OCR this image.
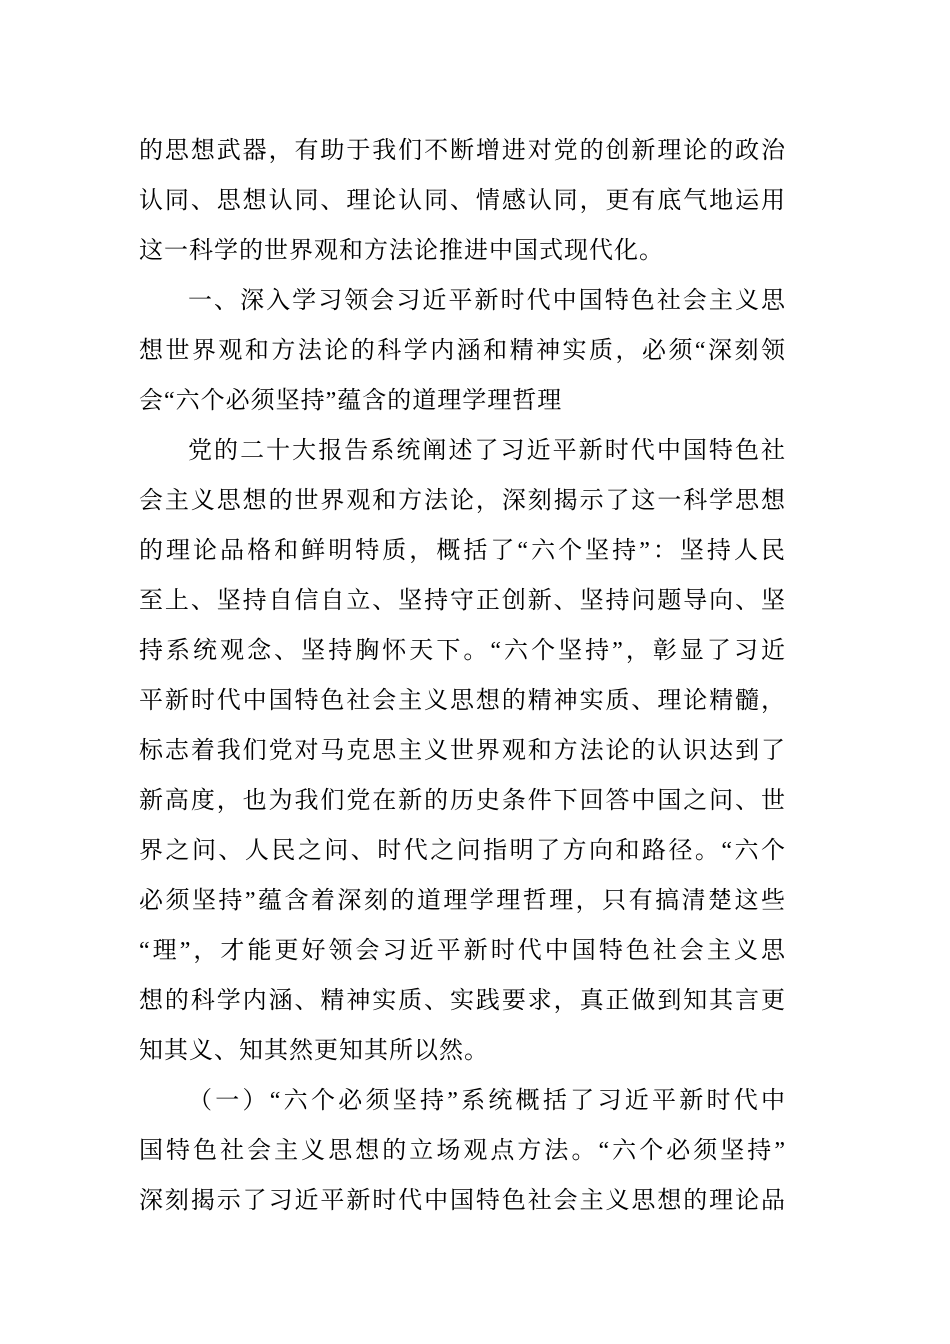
的思想武器，有助于我们不断增进对党的创新理论的政治
认同、思想认同、理论认同、情感认同，更有底气地运用
这一科学的世界观和方法论推进中国式现代化。
一、深入学习领会习近平新时代中国特色社会主义思
想世界观和方法论的科学内涵和精神实质，必须“深刻领
会“六个必须坚持”蕴含的道理学理哲理
党的二十大报告系统阐述了习近平新时代中国特色社
会主义思想的世界观和方法论，深刻揭示了这一科学思想
的理论品格和鲜明特质，概括了“六个坚持”：坚持人民
至上、坚持自信自立、坚持守正创新、坚持问题导向、坚
持系统观念、坚持胸怀天下。“六个坚持”，彰显了习近
平新时代中国特色社会主义思想的精神实质、理论精髓，
标志着我们党对马克思主义世界观和方法论的认识达到了
新高度，也为我们党在新的历史条件下回答中国之问、世
界之问、人民之问、时代之问指明了方向和路径。“六个
必须坚持”蕴含着深刻的道理学理哲理，只有搞清楚这些
“理”，才能更好领会习近平新时代中国特色社会主义思
想的科学内涵、精神实质、实践要求，真正做到知其言更
知其义、知其然更知其所以然。
（一）“六个必须坚持”系统概括了习近平新时代中
国特色社会主义思想的立场观点方法。“六个必须坚持”
深刻揭示了习近平新时代中国特色社会主义思想的理论品
